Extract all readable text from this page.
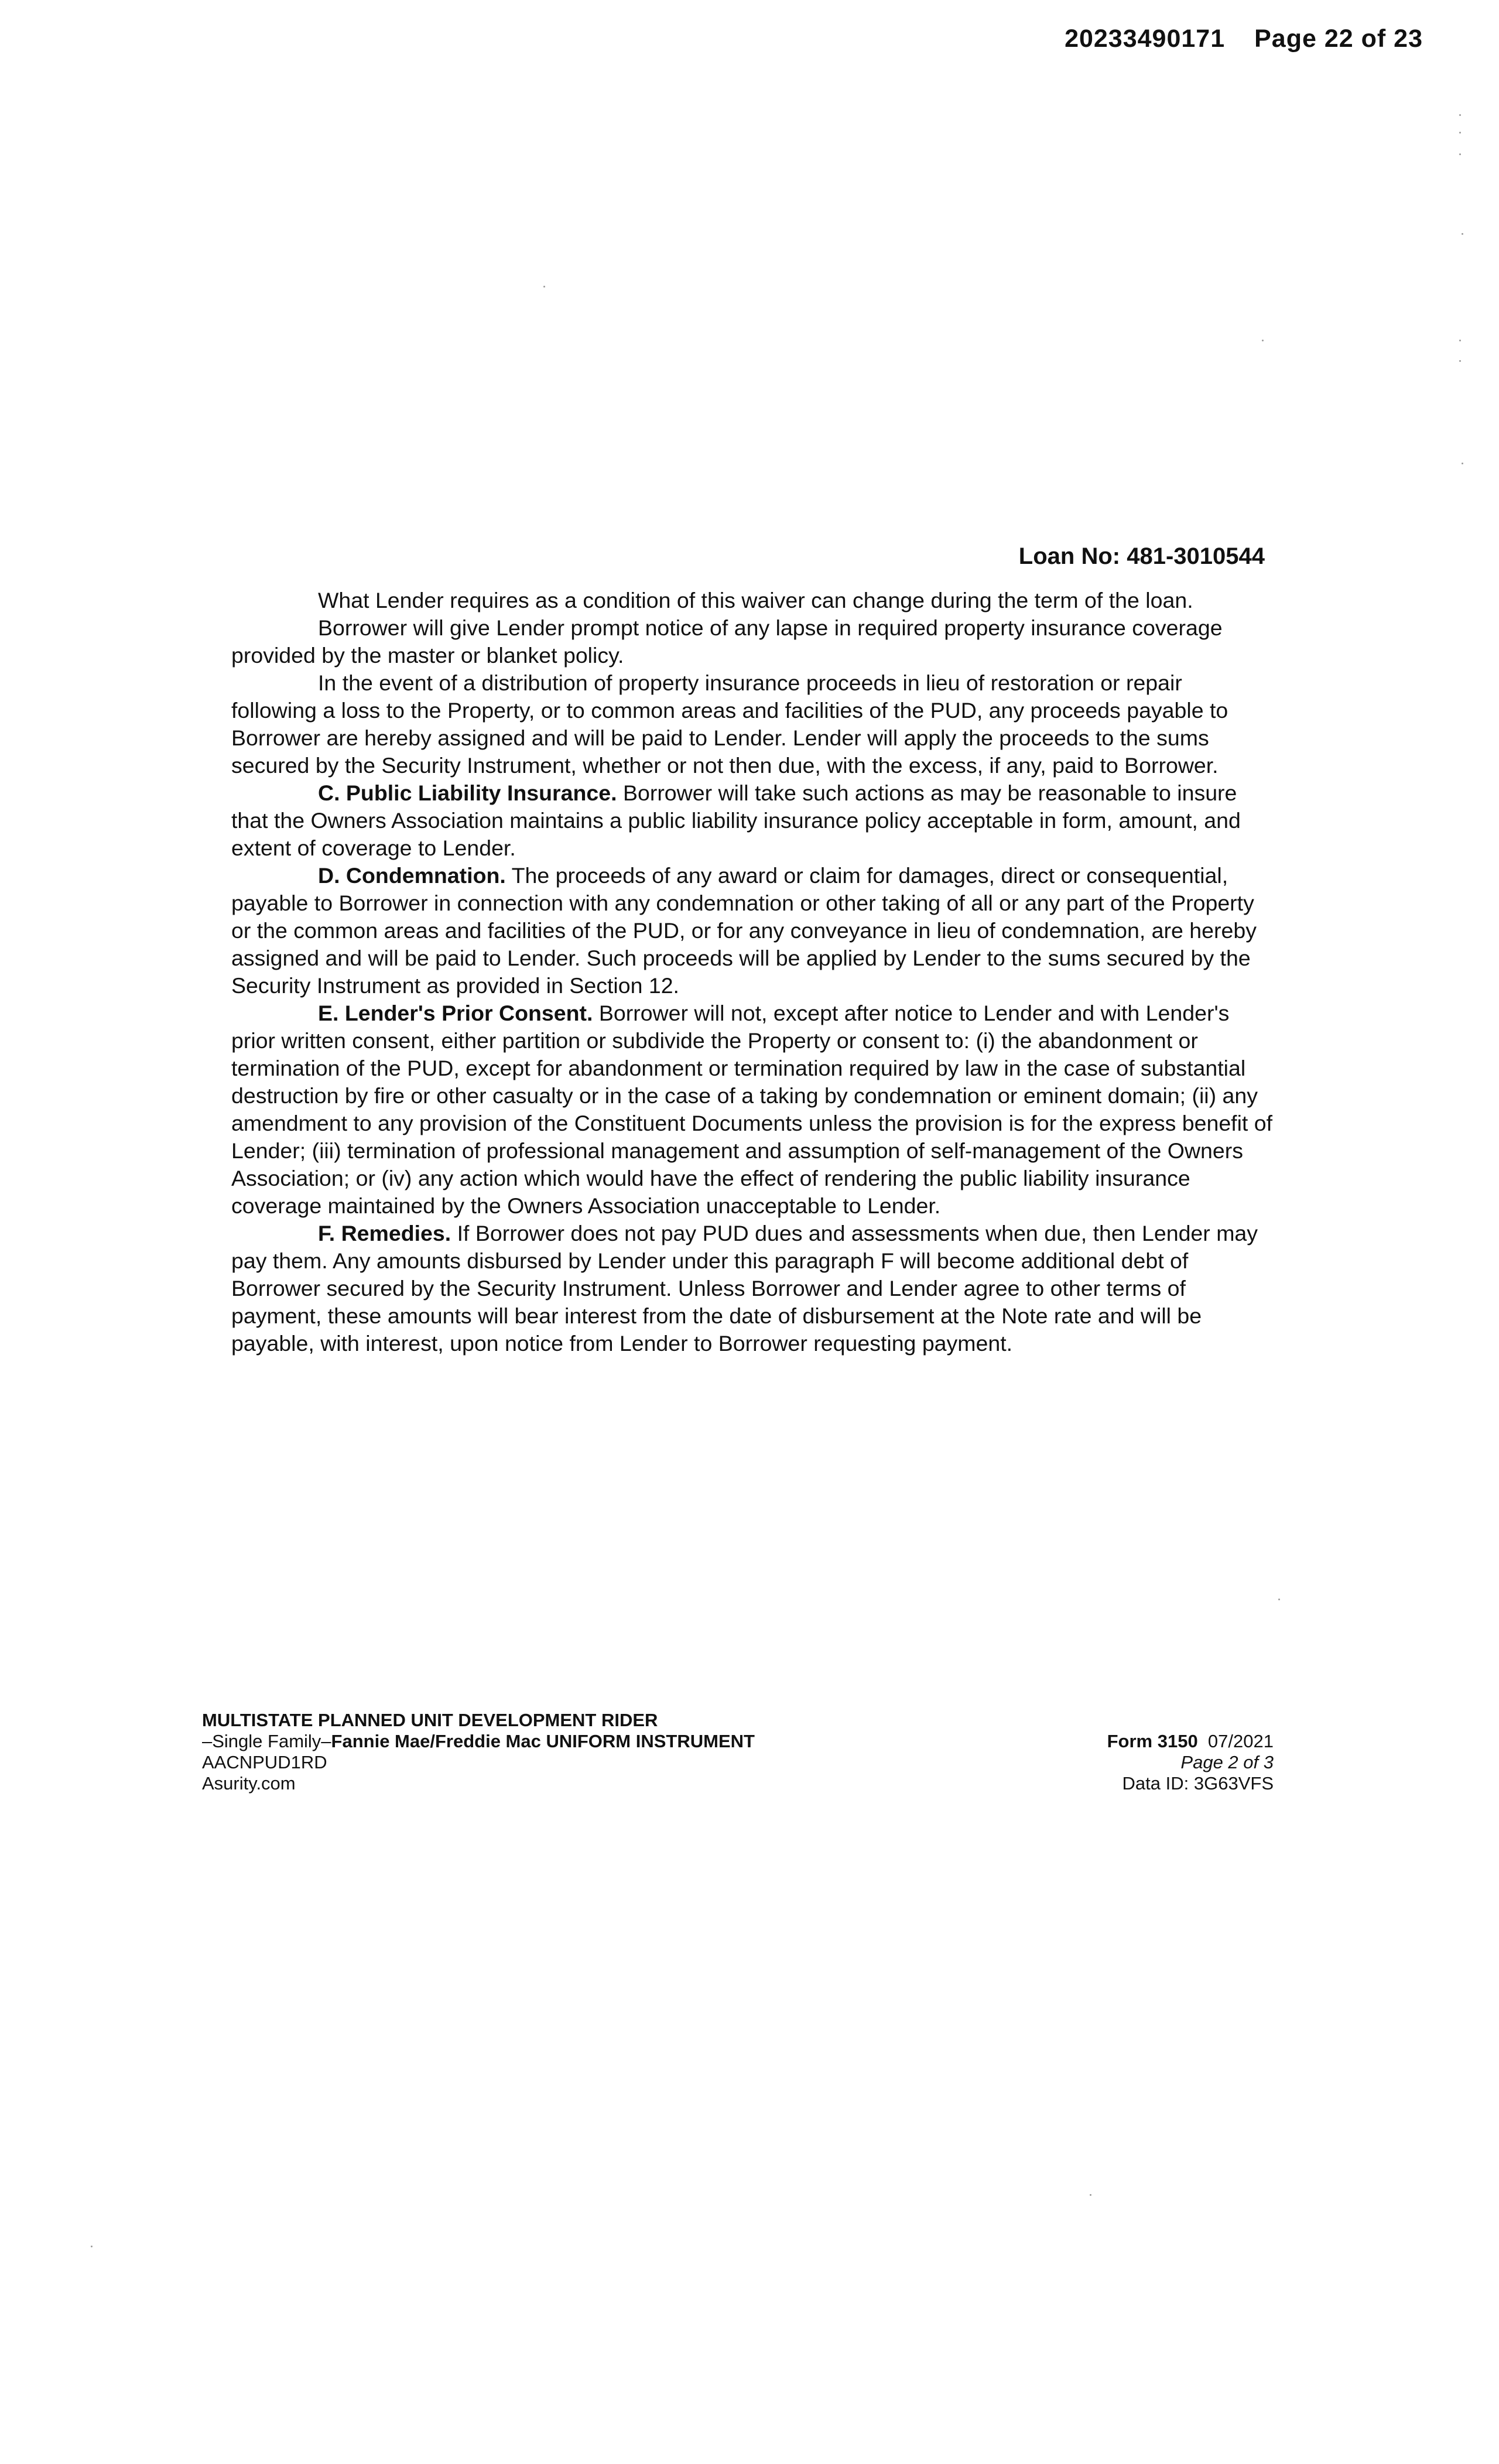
20233490171 Page 22 of 23
Loan No: 481-3010544

What Lender requires as a condition of this waiver can change during the term of the loan.

Borrower will give Lender prompt notice of any lapse in required property insurance coverage provided by the master or blanket policy.

In the event of a distribution of property insurance proceeds in lieu of restoration or repair following a loss to the Property, or to common areas and facilities of the PUD, any proceeds payable to Borrower are hereby assigned and will be paid to Lender. Lender will apply the proceeds to the sums secured by the Security Instrument, whether or not then due, with the excess, if any, paid to Borrower.

C. Public Liability Insurance. Borrower will take such actions as may be reasonable to insure that the Owners Association maintains a public liability insurance policy acceptable in form, amount, and extent of coverage to Lender.

D. Condemnation. The proceeds of any award or claim for damages, direct or consequential, payable to Borrower in connection with any condemnation or other taking of all or any part of the Property or the common areas and facilities of the PUD, or for any conveyance in lieu of condemnation, are hereby assigned and will be paid to Lender. Such proceeds will be applied by Lender to the sums secured by the Security Instrument as provided in Section 12.

E. Lender's Prior Consent. Borrower will not, except after notice to Lender and with Lender's prior written consent, either partition or subdivide the Property or consent to: (i) the abandonment or termination of the PUD, except for abandonment or termination required by law in the case of substantial destruction by fire or other casualty or in the case of a taking by condemnation or eminent domain; (ii) any amendment to any provision of the Constituent Documents unless the provision is for the express benefit of Lender; (iii) termination of professional management and assumption of self-management of the Owners Association; or (iv) any action which would have the effect of rendering the public liability insurance coverage maintained by the Owners Association unacceptable to Lender.

F. Remedies. If Borrower does not pay PUD dues and assessments when due, then Lender may pay them. Any amounts disbursed by Lender under this paragraph F will become additional debt of Borrower secured by the Security Instrument. Unless Borrower and Lender agree to other terms of payment, these amounts will bear interest from the date of disbursement at the Note rate and will be payable, with interest, upon notice from Lender to Borrower requesting payment.

MULTISTATE PLANNED UNIT DEVELOPMENT RIDER
–Single Family–Fannie Mae/Freddie Mac UNIFORM INSTRUMENT
AACNPUD1RD
Asurity.com
Form 3150  07/2021
Page 2 of 3
Data ID: 3G63VFS
